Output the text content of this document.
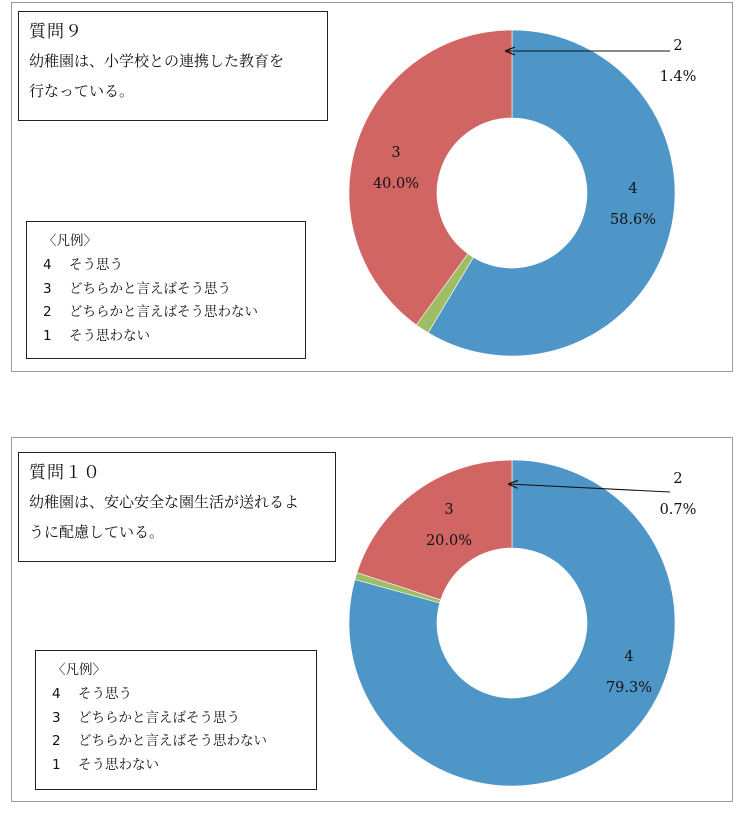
質問９
幼稚園は、小学校との連携した教育を
行なっている。
〈凡例〉
4 そう思う
3 どちらかと言えばそう思う
2 どちらかと言えばそう思わない
1 そう思わない
4
58.6%
3
40.0%
2
1.4%
質問１０
幼稚園は、安心安全な園生活が送れるよ
うに配慮している。
〈凡例〉
4 そう思う
3 どちらかと言えばそう思う
2 どちらかと言えばそう思わない
1 そう思わない
4
79.3%
3
20.0%
2
0.7%
